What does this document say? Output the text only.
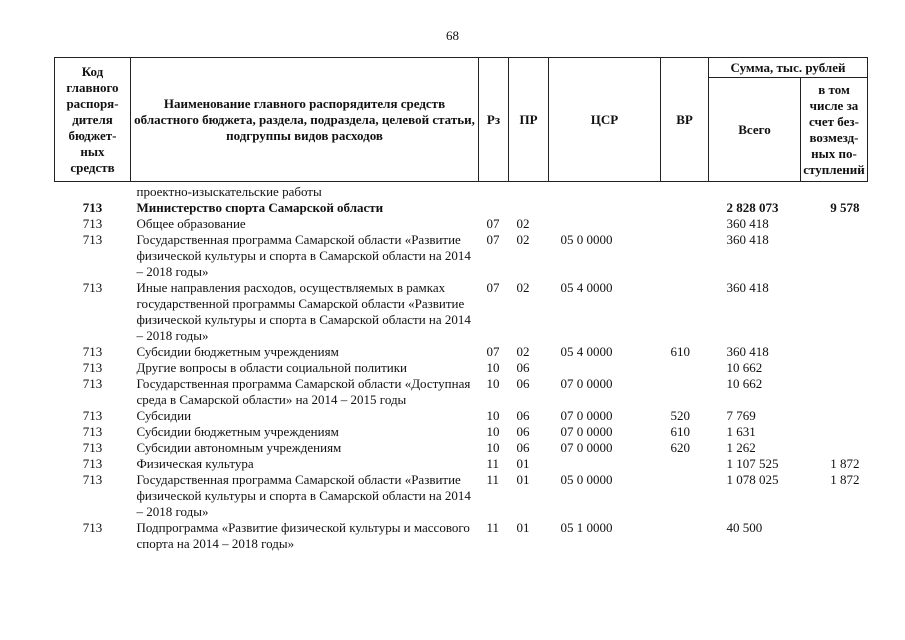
68
Код главного распоря-дителя бюджет-ных средств	Наименование главного распорядителя средств областного бюджета, раздела, подраздела, целевой статьи, подгруппы видов расходов	Рз	ПР	ЦСР	ВР	Сумма, тыс. рублей	
						Всего	в том числе за счет без-возмезд-ных по-ступлений
	проектно-изыскательские работы						
713	Министерство спорта Самарской области					2 828 073	9 578
713	Общее образование	07	02			360 418	
713	Государственная программа Самарской области «Развитие физической культуры и спорта в Самарской области на 2014 – 2018 годы»	07	02	05 0 0000		360 418	
713	Иные направления расходов, осуществляемых в рамках государственной программы Самарской области «Развитие физической культуры и спорта в Самарской области на 2014 – 2018 годы»	07	02	05 4 0000		360 418	
713	Субсидии бюджетным учреждениям	07	02	05 4 0000	610	360 418	
713	Другие вопросы в области социальной политики	10	06			10 662	
713	Государственная программа Самарской области «Доступная среда в Самарской области» на 2014 – 2015 годы	10	06	07 0 0000		10 662	
713	Субсидии	10	06	07 0 0000	520	7 769	
713	Субсидии бюджетным учреждениям	10	06	07 0 0000	610	1 631	
713	Субсидии автономным учреждениям	10	06	07 0 0000	620	1 262	
713	Физическая культура	11	01			1 107 525	1 872
713	Государственная программа Самарской области «Развитие физической культуры и спорта в Самарской области на 2014 – 2018 годы»	11	01	05 0 0000		1 078 025	1 872
713	Подпрограмма «Развитие физической культуры и массового спорта на 2014 – 2018 годы»	11	01	05 1 0000		40 500	
